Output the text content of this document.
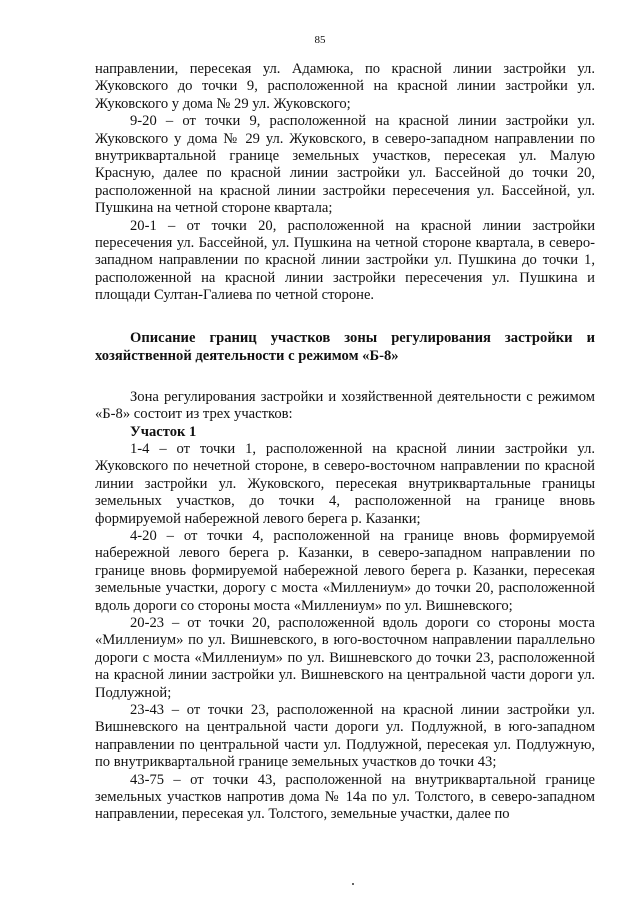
85

направлении, пересекая ул. Адамюка, по красной линии застройки ул. Жуковского до точки 9, расположенной на красной линии застройки ул. Жуковского у дома № 29 ул. Жуковского;

9-20 – от точки 9, расположенной на красной линии застройки ул. Жуковского у дома № 29 ул. Жуковского, в северо-западном направлении по внутриквартальной границе земельных участков, пересекая ул. Малую Красную, далее по красной линии застройки ул. Бассейной до точки 20, расположенной на красной линии застройки пересечения ул. Бассейной, ул. Пушкина на четной стороне квартала;

20-1 – от точки 20, расположенной на красной линии застройки пересечения ул. Бассейной, ул. Пушкина на четной стороне квартала, в северо-западном направлении по красной линии застройки ул. Пушкина до точки 1, расположенной на красной линии застройки пересечения ул. Пушкина и площади Султан-Галиева по четной стороне.

Описание границ участков зоны регулирования застройки и хозяйственной деятельности с режимом «Б-8»

Зона регулирования застройки и хозяйственной деятельности с режимом «Б-8» состоит из трех участков:

Участок 1

1-4 – от точки 1, расположенной на красной линии застройки ул. Жуковского по нечетной стороне, в северо-восточном направлении по красной линии застройки ул. Жуковского, пересекая внутриквартальные границы земельных участков, до точки 4, расположенной на границе вновь формируемой набережной левого берега р. Казанки;

4-20 – от точки 4, расположенной на границе вновь формируемой набережной левого берега р. Казанки, в северо-западном направлении по границе вновь формируемой набережной левого берега р. Казанки, пересекая земельные участки, дорогу с моста «Миллениум» до точки 20, расположенной вдоль дороги со стороны моста «Миллениум» по ул. Вишневского;

20-23 – от точки 20, расположенной вдоль дороги со стороны моста «Миллениум» по ул. Вишневского, в юго-восточном направлении параллельно дороги с моста «Миллениум» по ул. Вишневского до точки 23, расположенной на красной линии застройки ул. Вишневского на центральной части дороги ул. Подлужной;

23-43 – от точки 23, расположенной на красной линии застройки ул. Вишневского на центральной части дороги ул. Подлужной, в юго-западном направлении по центральной части ул. Подлужной, пересекая ул. Подлужную, по внутриквартальной границе земельных участков до точки 43;

43-75 – от точки 43, расположенной на внутриквартальной границе земельных участков напротив дома № 14а по ул. Толстого, в северо-западном направлении, пересекая ул. Толстого, земельные участки, далее по
